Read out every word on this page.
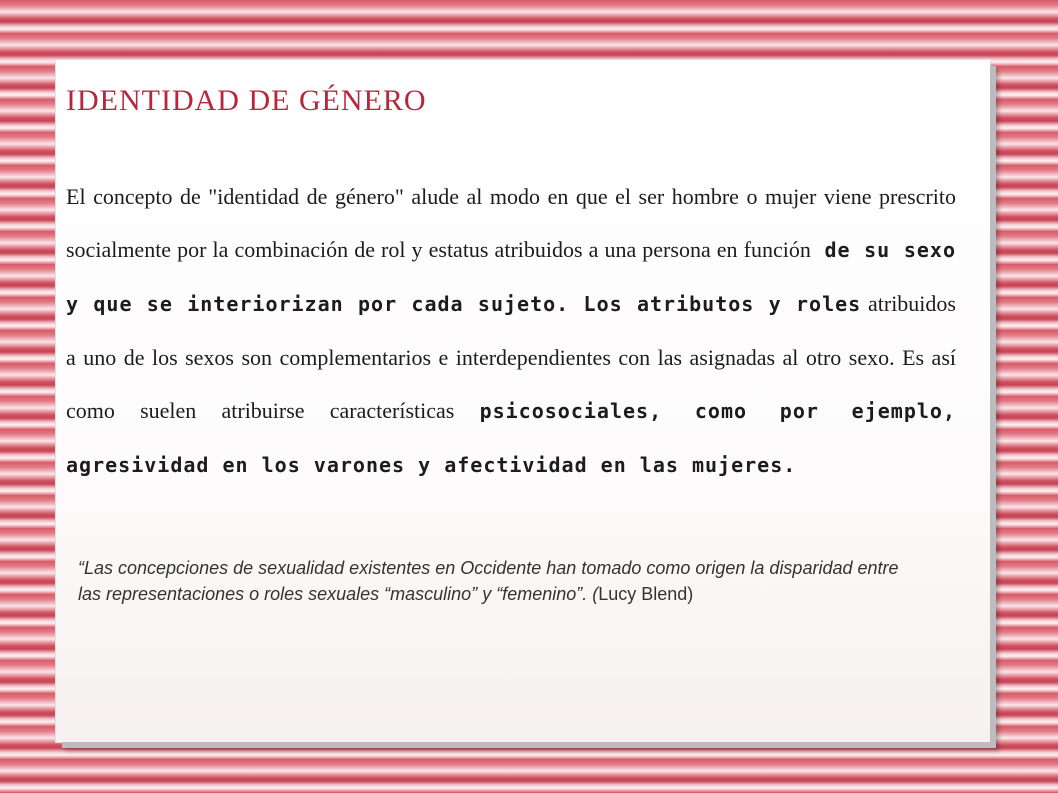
IDENTIDAD DE GÉNERO

El concepto de "identidad de género" alude al modo en que el ser hombre o mujer viene prescrito socialmente por la combinación de rol y estatus atribuidos a una persona en función de su sexo y que se interiorizan por cada sujeto. Los atributos y roles atribuidos a uno de los sexos son complementarios e interdependientes con las asignadas al otro sexo. Es así como suelen atribuirse características psicosociales, como por ejemplo, agresividad en los varones y afectividad en las mujeres.

“Las concepciones de sexualidad existentes en Occidente han tomado como origen la disparidad entre las representaciones o roles sexuales “masculino” y “femenino”. (Lucy Blend)
